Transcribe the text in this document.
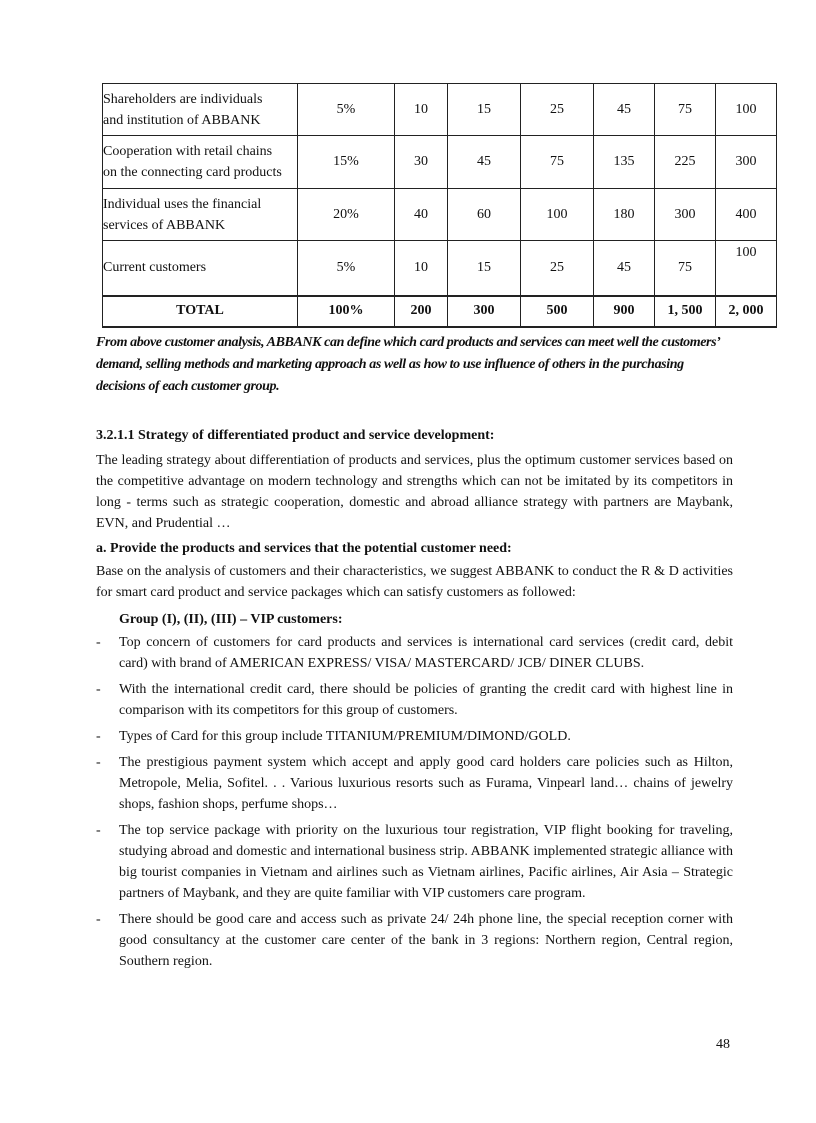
Shareholders are individuals
and institution of ABBANK	5%	10	15	25	45	75	100

Cooperation with retail chains
on the connecting card products	15%	30	45	75	135	225	300

Individual uses the financial
services of ABBANK	20%	40	60	100	180	300	400

Current customers	5%	10	15	25	45	75	100
TOTAL	100%	200	300	500	900	1, 500	2, 000
From above customer analysis, ABBANK can define which card products and services can meet well the customers’ demand, selling methods and marketing approach as well as how to use influence of others in the purchasing decisions of each customer group.
3.2.1.1 Strategy of differentiated product and service development:

The leading strategy about differentiation of products and services, plus the optimum customer services based on the competitive advantage on modern technology and strengths which can not be imitated by its competitors in long - terms such as strategic cooperation, domestic and abroad alliance strategy with partners are Maybank, EVN, and Prudential …

a. Provide the products and services that the potential customer need:

Base on the analysis of customers and their characteristics, we suggest ABBANK to conduct the R & D activities for smart card product and service packages which can satisfy customers as followed:

Group (I), (II), (III) – VIP customers:
- Top concern of customers for card products and services is international card services (credit card, debit card) with brand of AMERICAN EXPRESS/ VISA/ MASTERCARD/ JCB/ DINER CLUBS.
- With the international credit card, there should be policies of granting the credit card with highest line in comparison with its competitors for this group of customers.
- Types of Card for this group include TITANIUM/PREMIUM/DIMOND/GOLD.
- The prestigious payment system which accept and apply good card holders care policies such as Hilton, Metropole, Melia, Sofitel. . . Various luxurious resorts such as Furama, Vinpearl land… chains of jewelry shops, fashion shops, perfume shops…
- The top service package with priority on the luxurious tour registration, VIP flight booking for traveling, studying abroad and domestic and international business strip. ABBANK implemented strategic alliance with big tourist companies in Vietnam and airlines such as Vietnam airlines, Pacific airlines, Air Asia – Strategic partners of Maybank, and they are quite familiar with VIP customers care program.
- There should be good care and access such as private 24/ 24h phone line, the special reception corner with good consultancy at the customer care center of the bank in 3 regions: Northern region, Central region, Southern region.
48
